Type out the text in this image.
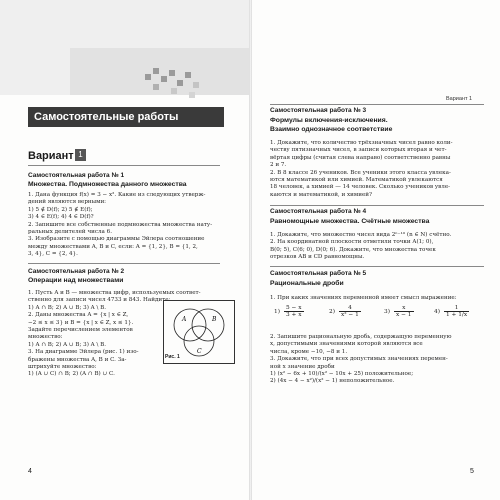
Самостоятельные работы
Вариант 1
Самостоятельная работа № 1
Множества. Подмножества данного множества
1. Дана функция f(x) = 3 − x². Какие из следующих утверж-
дений являются верными:
1) 5 ∉ D(f); 2) 5 ∉ E(f);
3) 4 ∈ E(f); 4) 4 ∈ D(f)?
2. Запишите все собственные подмножества множества нату-
ральных делителей числа 6.
3. Изобразите с помощью диаграммы Эйлера соотношение
между множествами A, B и C, если: A = {1, 2}, B = {1, 2,
3, 4}, C = {2, 4}.
Самостоятельная работа № 2
Операции над множествами
1. Пусть A и B — множества цифр, используемых соответ-
ственно для записи чисел 4733 и 843. Найдите:
1) A ∩ B; 2) A ∪ B; 3) A \ B.
2. Даны множества A = {x | x ∈ Z,
−2 ≤ x ≤ 3} и B = {x | x ∈ Z, x ≤ 1}.
Задайте перечислением элементов
множество:
1) A ∩ B; 2) A ∪ B; 3) A \ B.
3. На диаграмме Эйлера (рис. 1) изо-
бражены множества A, B и C. За-
штрихуйте множество:
1) (A ∪ C) ∩ B; 2) (A ∩ B) ∪ C.
A	B
C
Рис. 1
4
Вариант 1
Самостоятельная работа № 3
Формулы включения-исключения.
Взаимно однозначное соответствие
1. Докажите, что количество трёхзначных чисел равно коли-
честву пятизначных чисел, в записи которых вторая и чет-
вёртая цифры (считая слева направо) соответственно равны
2 и 7.
2. В 8 классе 26 учеников. Все ученики этого класса увлека-
ются математикой или химией. Математикой увлекаются
18 человек, а химией — 14 человек. Сколько учеников увле-
каются и математикой, и химией?
Самостоятельная работа № 4
Равномощные множества. Счётные множества
1. Докажите, что множество чисел вида 2ⁿ⁻¹⁰ (n ∈ N) счётно.
2. На координатной плоскости отметили точки A(1; 0),
B(0; 5), C(6; 0), D(0; 6). Докажите, что множества точек
отрезков AB и CD равномощны.
Самостоятельная работа № 5
Рациональные дроби
1. При каких значениях переменной имеет смысл выражение:
1)
5 − x
3 + x	2)
4
x² − 1	3)
x
x − 1	4)
1
1 + 1/x
2. Запишите рациональную дробь, содержащую переменную
x, допустимыми значениями которой являются все
числа, кроме −10, −8 и 1.
3. Докажите, что при всех допустимых значениях перемен-
ной x значение дроби
1) (x² − 6x + 10)/(x² − 10x + 25) положительное;
2) (4x − 4 − x²)/(x² − 1) неположительное.
5
